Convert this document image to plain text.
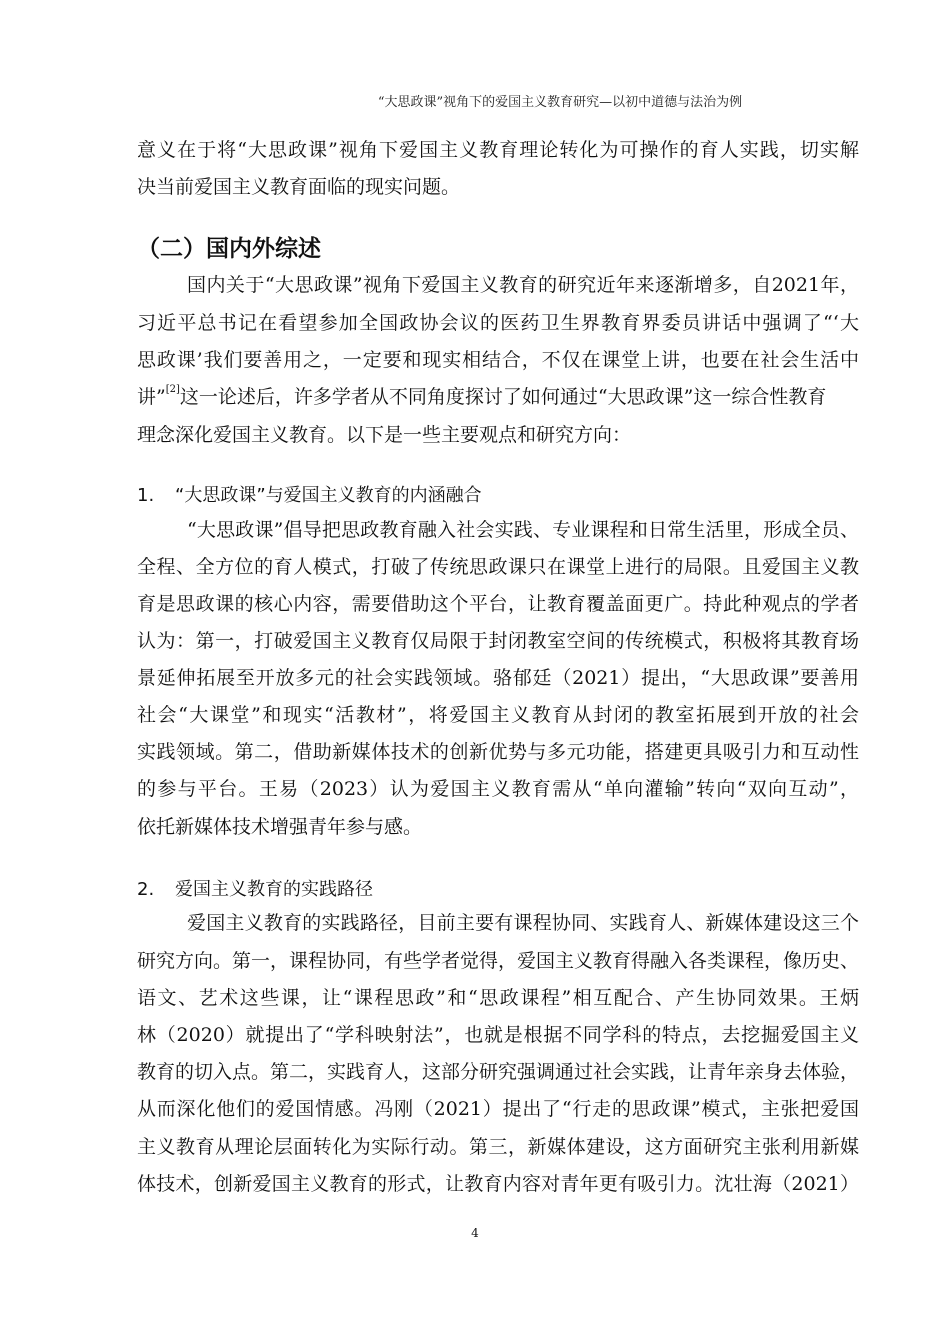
“大思政课”视角下的爱国主义教育研究—以初中道德与法治为例
意义在于将“大思政课”视角下爱国主义教育理论转化为可操作的育人实践，切实解
决当前爱国主义教育面临的现实问题。
（二）国内外综述
国内关于“大思政课”视角下爱国主义教育的研究近年来逐渐增多，自2021年，
习近平总书记在看望参加全国政协会议的医药卫生界教育界委员讲话中强调了“‘大
思政课’我们要善用之，一定要和现实相结合，不仅在课堂上讲，也要在社会生活中
讲”[2]这一论述后，许多学者从不同角度探讨了如何通过“大思政课”这一综合性教育
理念深化爱国主义教育。以下是一些主要观点和研究方向：
1. “大思政课”与爱国主义教育的内涵融合
“大思政课”倡导把思政教育融入社会实践、专业课程和日常生活里，形成全员、
全程、全方位的育人模式，打破了传统思政课只在课堂上进行的局限。且爱国主义教
育是思政课的核心内容，需要借助这个平台，让教育覆盖面更广。持此种观点的学者
认为：第一，打破爱国主义教育仅局限于封闭教室空间的传统模式，积极将其教育场
景延伸拓展至开放多元的社会实践领域。骆郁廷（2021）提出，“大思政课”要善用
社会“大课堂”和现实“活教材”，将爱国主义教育从封闭的教室拓展到开放的社会
实践领域。第二，借助新媒体技术的创新优势与多元功能，搭建更具吸引力和互动性
的参与平台。王易（2023）认为爱国主义教育需从“单向灌输”转向“双向互动”，
依托新媒体技术增强青年参与感。
2. 爱国主义教育的实践路径
爱国主义教育的实践路径，目前主要有课程协同、实践育人、新媒体建设这三个
研究方向。第一，课程协同，有些学者觉得，爱国主义教育得融入各类课程，像历史、
语文、艺术这些课，让“课程思政”和“思政课程”相互配合、产生协同效果。王炳
林（2020）就提出了“学科映射法”，也就是根据不同学科的特点，去挖掘爱国主义
教育的切入点。第二，实践育人，这部分研究强调通过社会实践，让青年亲身去体验，
从而深化他们的爱国情感。冯刚（2021）提出了“行走的思政课”模式，主张把爱国
主义教育从理论层面转化为实际行动。第三，新媒体建设，这方面研究主张利用新媒
体技术，创新爱国主义教育的形式，让教育内容对青年更有吸引力。沈壮海（2021）
4
